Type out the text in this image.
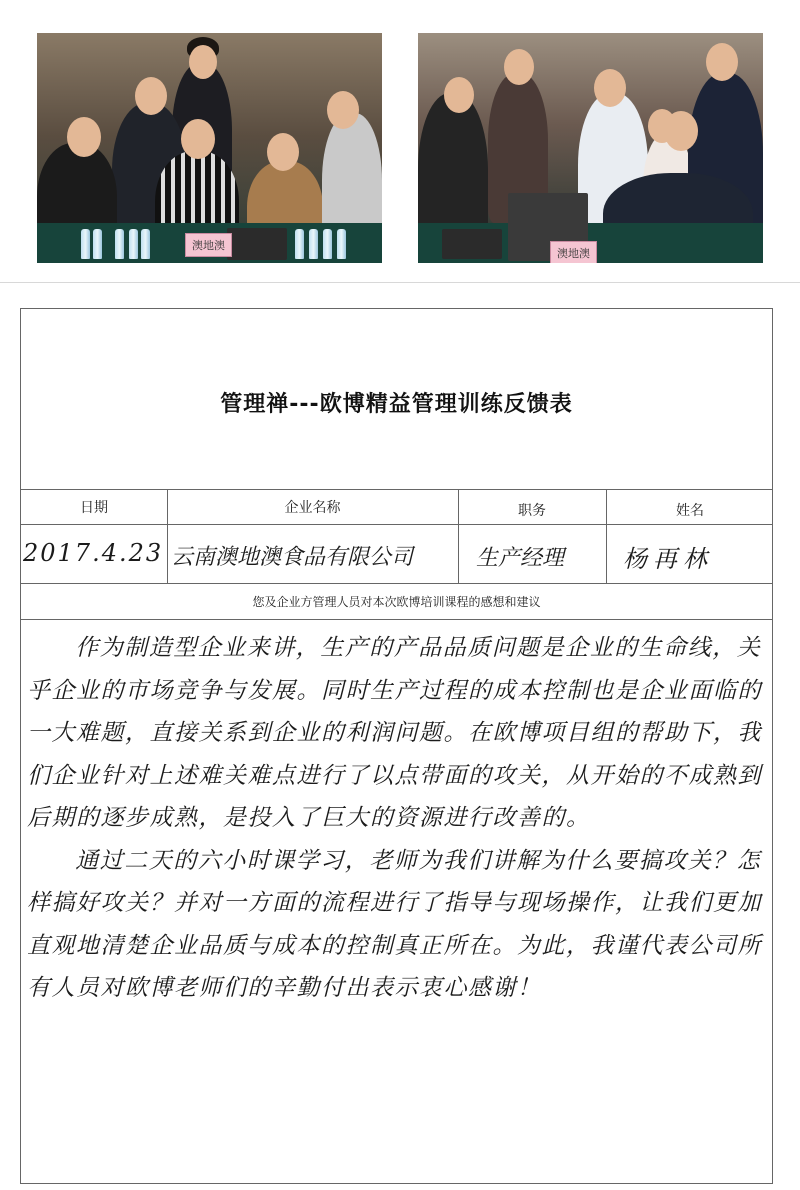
澳地澳
澳地澳
管理禅---欧博精益管理训练反馈表
日期	企业名称	职务	姓名
2017.4.23 云南澳地澳食品有限公司	生产经理 杨再林
您及企业方管理人员对本次欧博培训课程的感想和建议

作为制造型企业来讲，生产的产品品质问题是企业的生命线，关乎企业的市场竞争与发展。同时生产过程的成本控制也是企业面临的一大难题，直接关系到企业的利润问题。在欧博项目组的帮助下，我们企业针对上述难关难点进行了以点带面的攻关，从开始的不成熟到后期的逐步成熟，是投入了巨大的资源进行改善的。

通过二天的六小时课学习，老师为我们讲解为什么要搞攻关？怎样搞好攻关？并对一方面的流程进行了指导与现场操作，让我们更加直观地清楚企业品质与成本的控制真正所在。为此，我谨代表公司所有人员对欧博老师们的辛勤付出表示衷心感谢！
